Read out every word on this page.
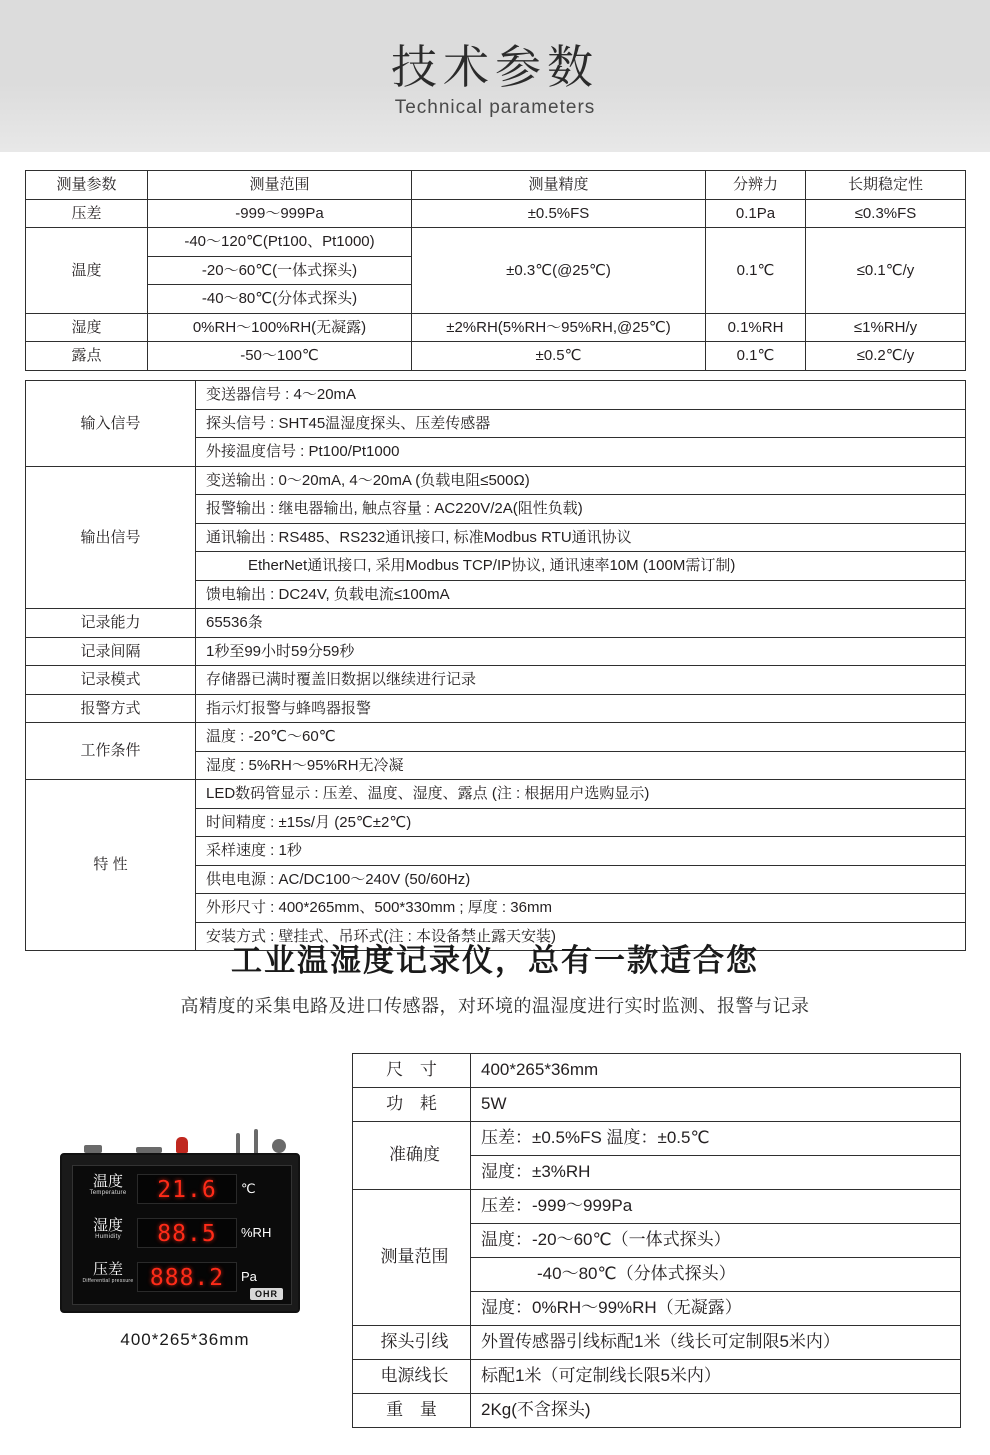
技术参数
Technical parameters
测量参数	测量范围	测量精度	分辨力	长期稳定性
压差	-999～999Pa	±0.5%FS	0.1Pa	≤0.3%FS
温度	-40～120℃(Pt100、Pt1000)	±0.3℃(@25℃)	0.1℃	≤0.1℃/y
	-20～60℃(一体式探头)			
	-40～80℃(分体式探头)			
湿度	0%RH～100%RH(无凝露)	±2%RH(5%RH～95%RH,@25℃)	0.1%RH	≤1%RH/y
露点	-50～100℃	±0.5℃	0.1℃	≤0.2℃/y
输入信号	变送器信号 : 4～20mA
	探头信号 : SHT45温湿度探头、压差传感器
	外接温度信号 : Pt100/Pt1000
输出信号	变送输出 : 0～20mA, 4～20mA (负载电阻≤500Ω)
	报警输出 : 继电器输出, 触点容量 : AC220V/2A(阻性负载)
	通讯输出 : RS485、RS232通讯接口, 标准Modbus RTU通讯协议
	EtherNet通讯接口, 采用Modbus TCP/IP协议, 通讯速率10M (100M需订制)
	馈电输出 : DC24V, 负载电流≤100mA
记录能力	65536条
记录间隔	1秒至99小时59分59秒
记录模式	存储器已满时覆盖旧数据以继续进行记录
报警方式	指示灯报警与蜂鸣器报警
工作条件	温度 : -20℃～60℃
	湿度 : 5%RH～95%RH无冷凝
特 性	LED数码管显示 : 压差、温度、湿度、露点 (注 : 根据用户选购显示)
	时间精度 : ±15s/月 (25℃±2℃)
	采样速度 : 1秒
	供电电源 : AC/DC100～240V (50/60Hz)
	外形尺寸 : 400*265mm、500*330mm ; 厚度 : 36mm
	安装方式 : 壁挂式、吊环式(注 : 本设备禁止露天安装)
工业温湿度记录仪，总有一款适合您
高精度的采集电路及进口传感器，对环境的温湿度进行实时监测、报警与记录
温度
Temperature	21.6	℃
湿度
Humidity	88.5	%RH
压差
Differential pressure 888.2	Pa
OHR
400*265*36mm
尺 寸	400*265*36mm
功 耗	5W
准确度	压差：±0.5%FS 温度：±0.5℃
	湿度：±3%RH
测量范围	压差：-999～999Pa
	温度：-20～60℃（一体式探头）
	-40～80℃（分体式探头）
	湿度：0%RH～99%RH（无凝露）
探头引线	外置传感器引线标配1米（线长可定制限5米内）
电源线长	标配1米（可定制线长限5米内）
重 量	2Kg(不含探头)
